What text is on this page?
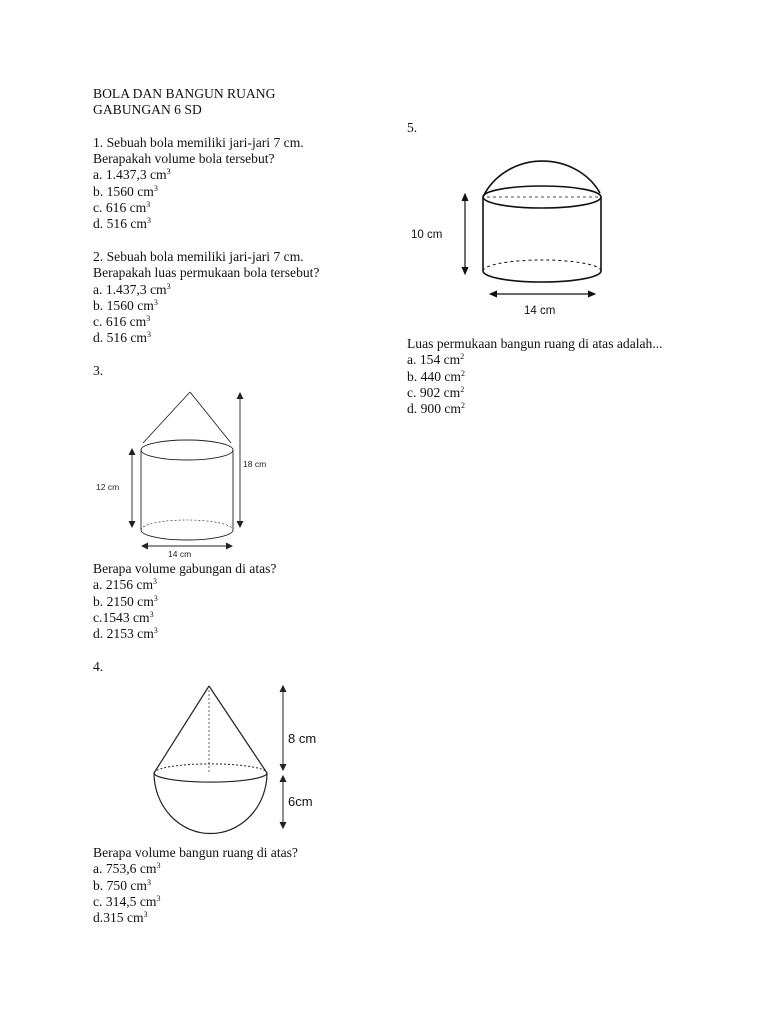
BOLA DAN BANGUN RUANG
GABUNGAN 6 SD
1. Sebuah bola memiliki jari-jari 7 cm.
Berapakah volume bola tersebut?
a. 1.437,3 $cm^3$
b. 1560 $cm^3$
c. 616 $cm^3$
d. 516 $cm^3$
2. Sebuah bola memiliki jari-jari 7 cm.
Berapakah luas permukaan bola tersebut?
a. 1.437,3 $cm^3$
b. 1560 $cm^3$
c. 616 $cm^3$
d. 516 $cm^3$
3.
12 cm
18 cm
14 cm
Berapa volume gabungan di atas?
a. 2156 $cm^3$
b. 2150 $cm^3$
c.1543 $cm^3$
d. 2153 $cm^3$
4.
8 cm
6cm
Berapa volume bangun ruang di atas?
a. 753,6 $cm^3$
b. 750 $cm^3$
c. 314,5 $cm^3$
d.315 $cm^3$
5.
10 cm
14 cm
Luas permukaan bangun ruang di atas adalah...
a. 154 $cm^2$
b. 440 $cm^2$
c. 902 $cm^2$
d. 900 $cm^2$
